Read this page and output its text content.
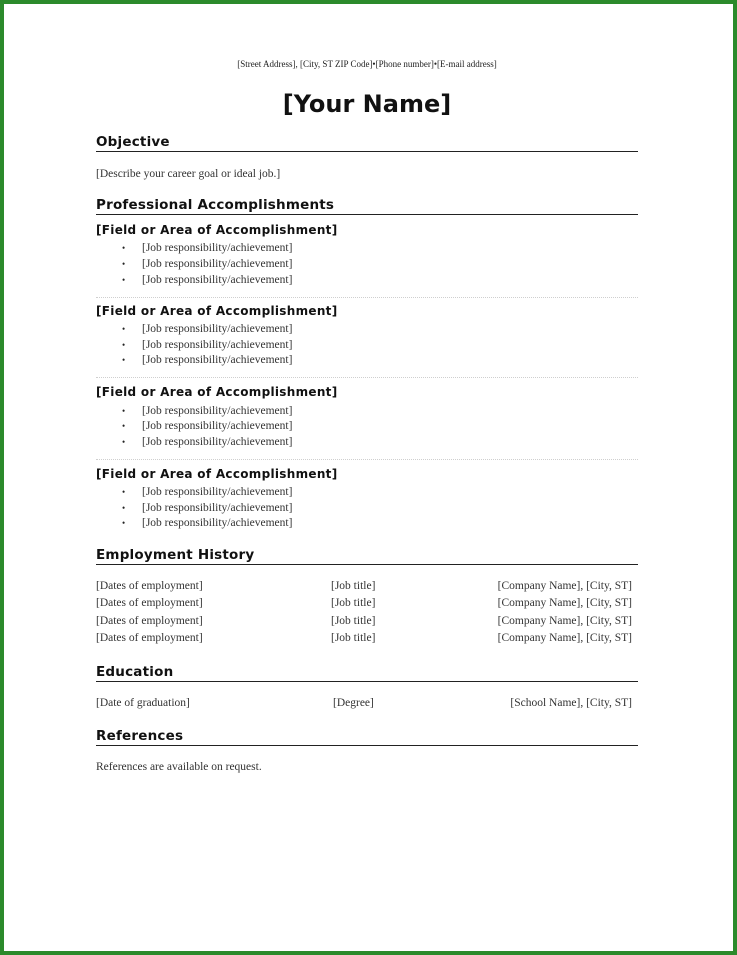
[Street Address], [City, ST ZIP Code]•[Phone number]•[E-mail address]
[Your Name]
Objective
[Describe your career goal or ideal job.]
Professional Accomplishments
[Field or Area of Accomplishment]
• [Job responsibility/achievement]
• [Job responsibility/achievement]
• [Job responsibility/achievement]
[Field or Area of Accomplishment]
• [Job responsibility/achievement]
• [Job responsibility/achievement]
• [Job responsibility/achievement]
[Field or Area of Accomplishment]
• [Job responsibility/achievement]
• [Job responsibility/achievement]
• [Job responsibility/achievement]
[Field or Area of Accomplishment]
• [Job responsibility/achievement]
• [Job responsibility/achievement]
• [Job responsibility/achievement]
Employment History
[Dates of employment]	[Job title]	[Company Name], [City, ST]
[Dates of employment]	[Job title]	[Company Name], [City, ST]
[Dates of employment]	[Job title]	[Company Name], [City, ST]
[Dates of employment]	[Job title]	[Company Name], [City, ST]
Education
[Date of graduation]	[Degree]	[School Name], [City, ST]
References
References are available on request.
